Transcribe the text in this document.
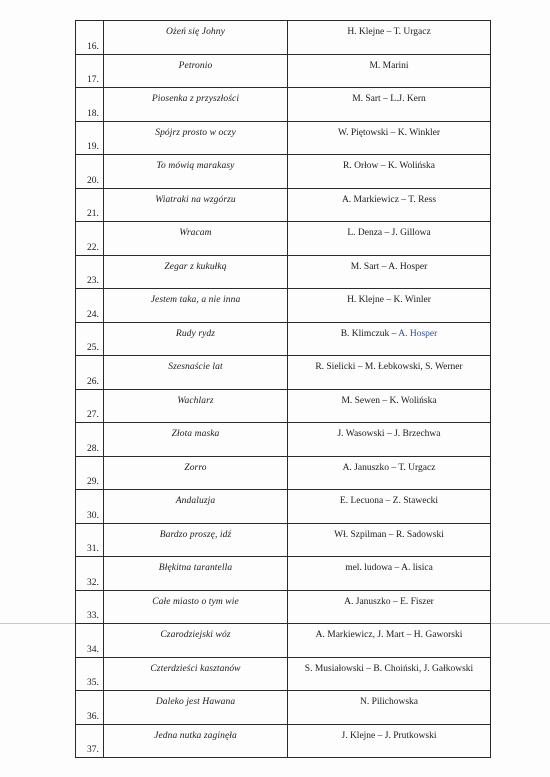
16.	Ożeń się Johny	H. Klejne – T. Urgacz

17.	Petronio	M. Marini

18.	Piosenka z przyszłości	M. Sart – L.J. Kern

19.	Spójrz prosto w oczy	W. Piętowski – K. Winkler

20.	To mówią marakasy	R. Orłow – K. Wolińska

21.	Wiatraki na wzgórzu	A. Markiewicz – T. Ress

22.	Wracam	L. Denza – J. Gillowa

23.	Zegar z kukułką	M. Sart – A. Hosper

24.	Jestem taka, a nie inna	H. Klejne – K. Winler

25.	Rudy rydz	B. Klimczuk – A. Hosper

26.	Szesnaście lat	R. Sielicki – M. Łebkowski, S. Werner

27.	Wachlarz	M. Sewen – K. Wolińska

28.	Złota maska	J. Wasowski – J. Brzechwa

29.	Zorro	A. Januszko – T. Urgacz

30.	Andaluzja	E. Lecuona – Z. Stawecki

31.	Bardzo proszę, idź	Wł. Szpilman – R. Sadowski

32.	Błękitna tarantella	mel. ludowa – A. lisica

33.	Całe miasto o tym wie	A. Januszko – E. Fiszer

34.	Czarodziejski wóz	A. Markiewicz, J. Mart – H. Gaworski

35.	Czterdzieści kasztanów	S. Musiałowski – B. Choiński, J. Gałkowski

36.	Daleko jest Hawana	N. Pilichowska

37.	Jedna nutka zaginęła	J. Klejne – J. Prutkowski
